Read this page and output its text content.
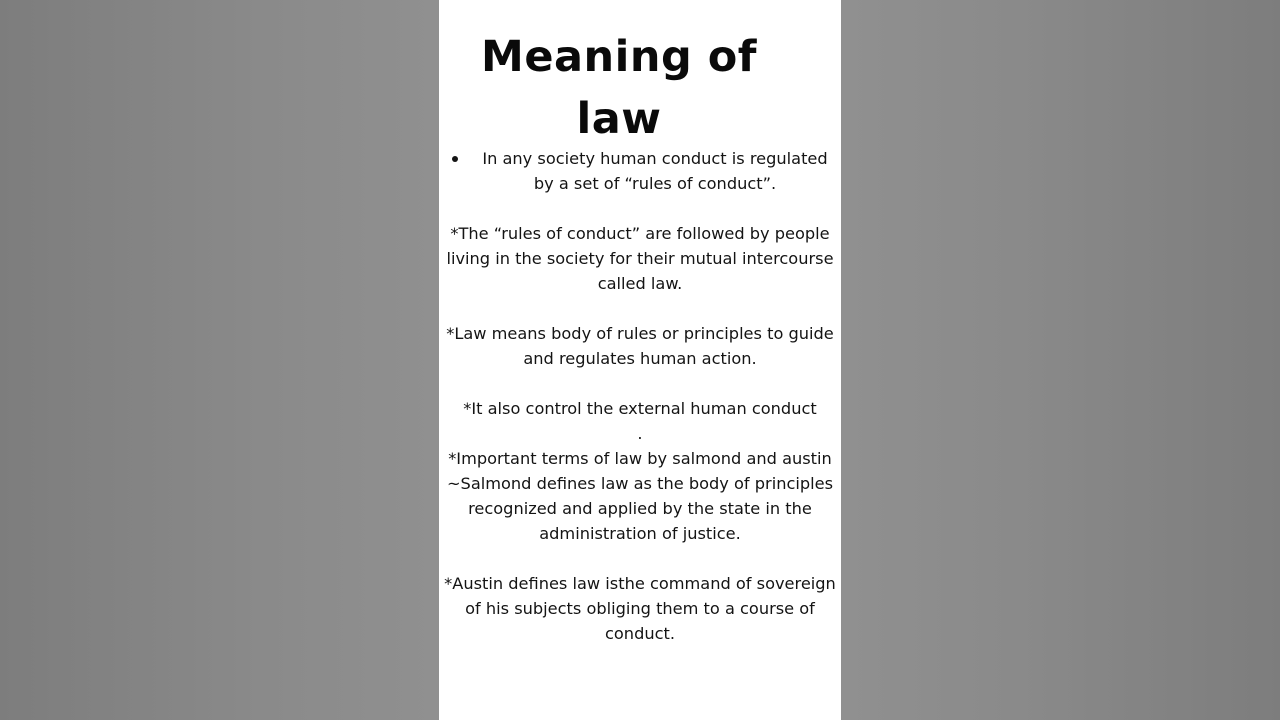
Meaning of
law
In any society human conduct is regulated by a set of “rules of conduct”.
*The “rules of conduct” are followed by people living in the society for their mutual intercourse called law.
*Law means body of rules or principles to guide and regulates human action.
*It also control the external human conduct
.
*Important terms of law by salmond and austin
~Salmond defines law as the body of principles recognized and applied by the state in the administration of justice.
*Austin defines law isthe command of sovereign of his subjects obliging them to a course of conduct.
